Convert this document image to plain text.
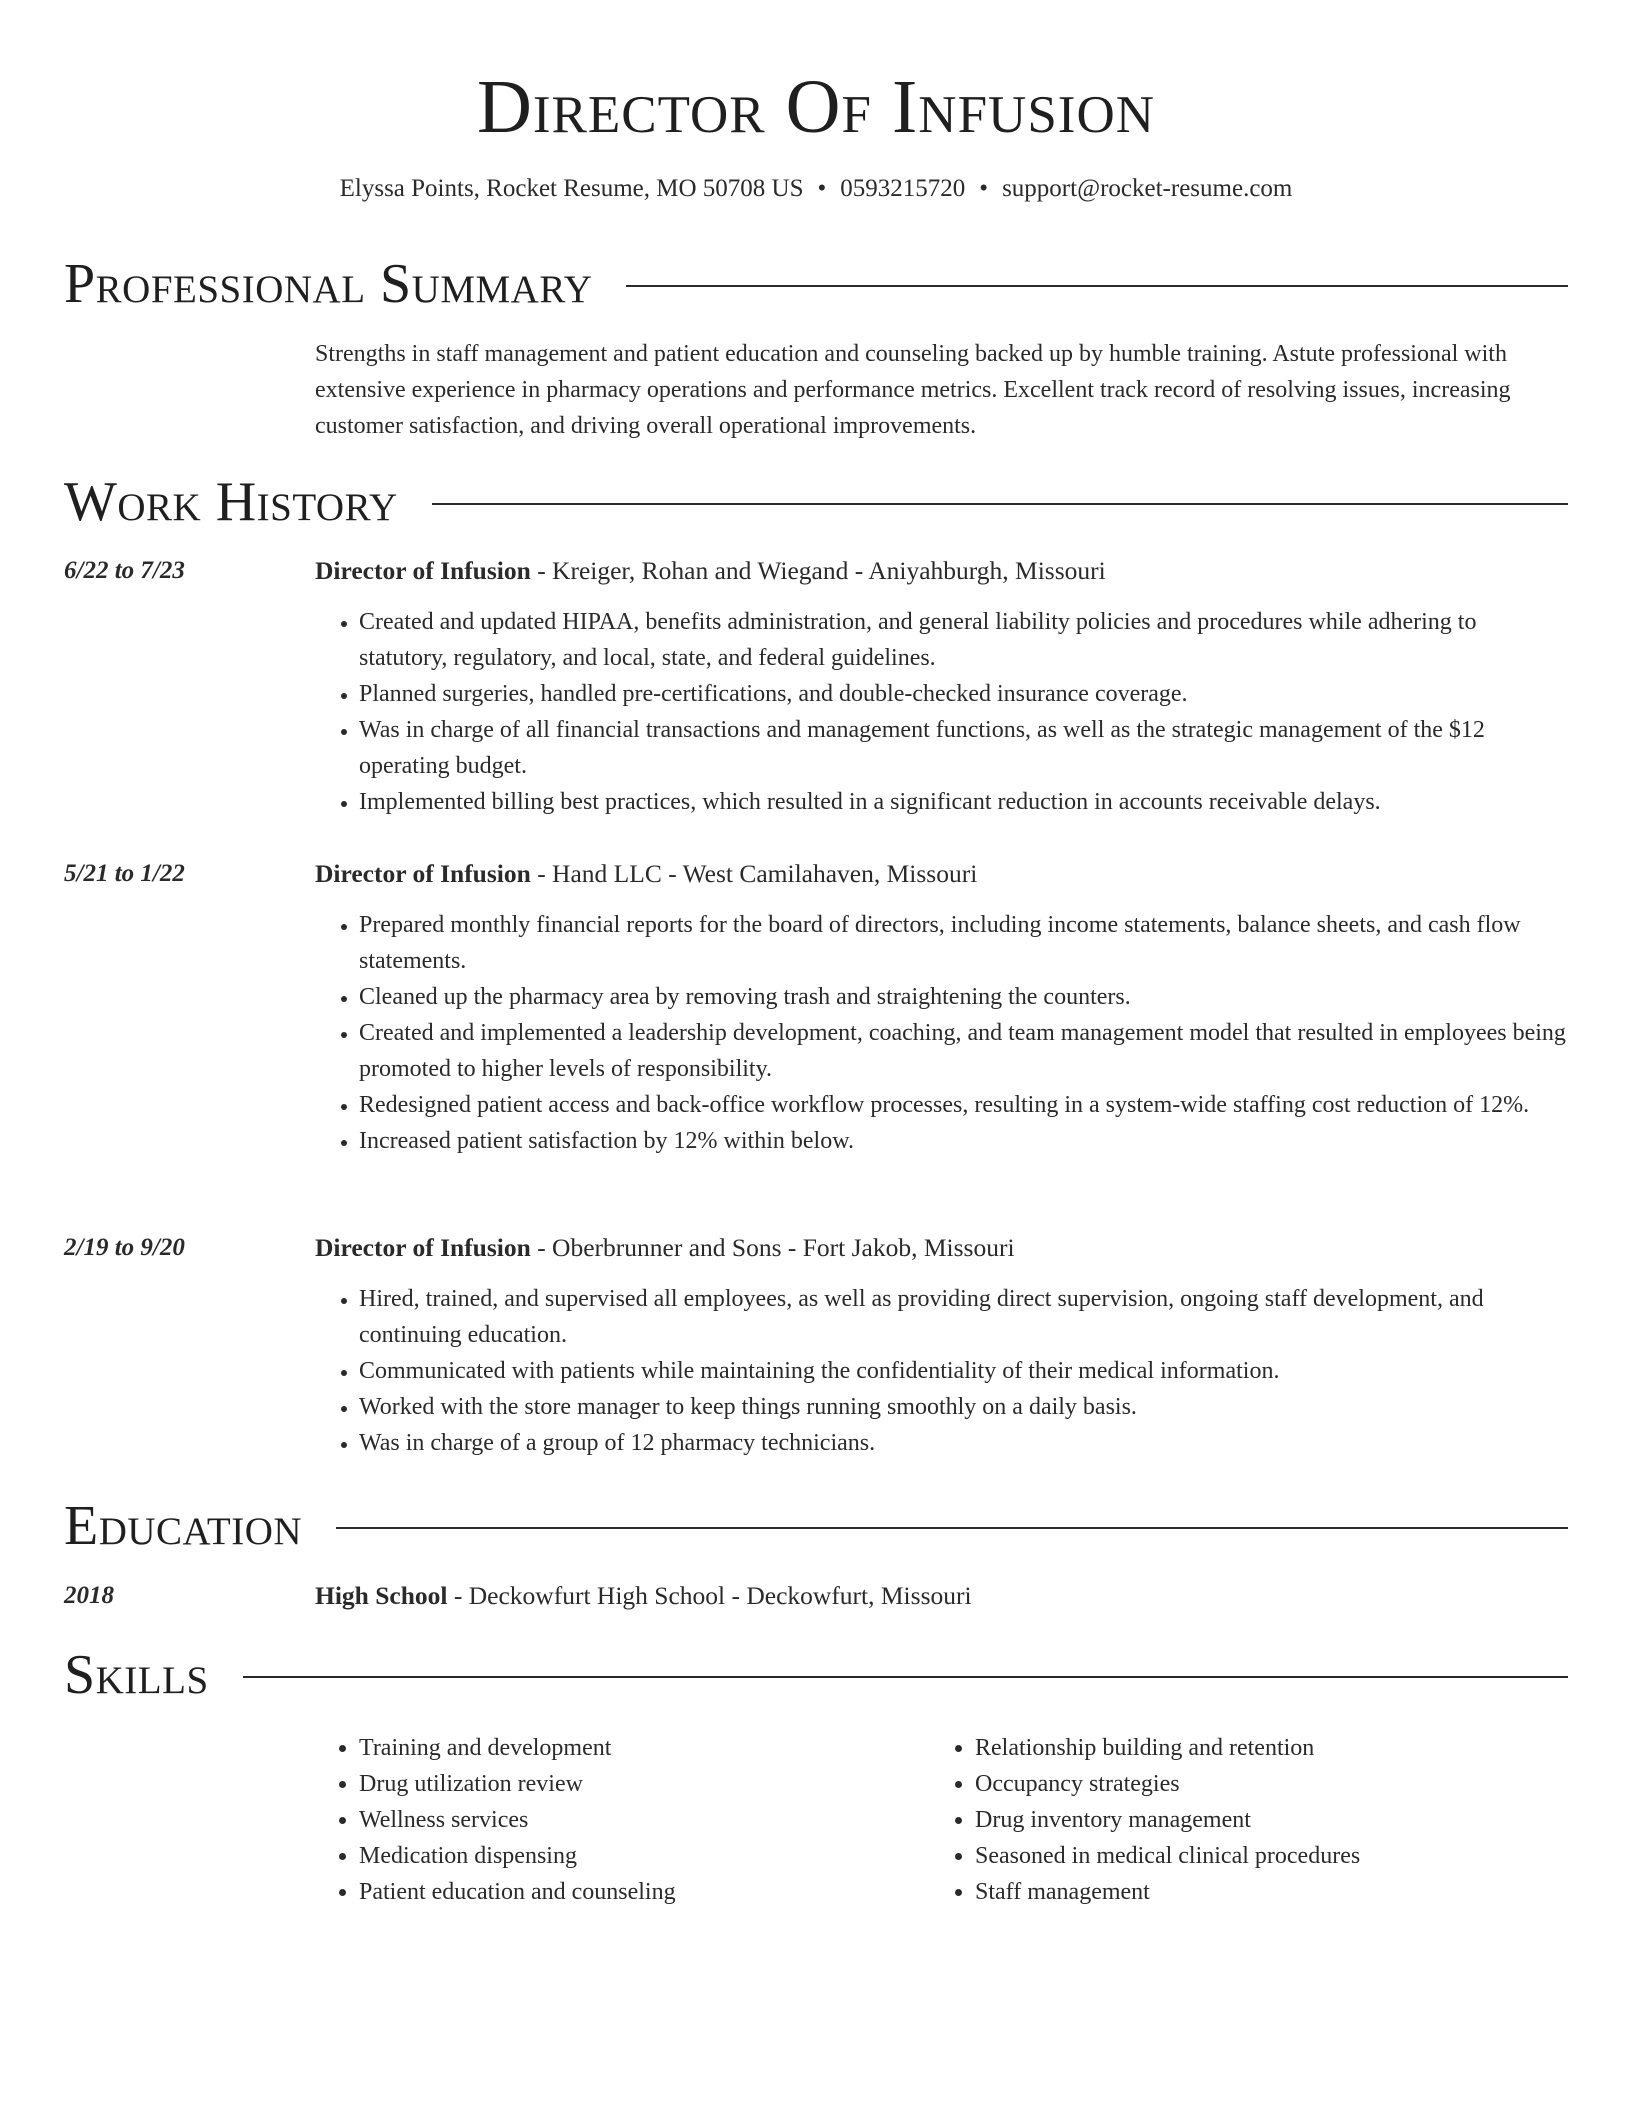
Director Of Infusion
Elyssa Points, Rocket Resume, MO 50708 US • 0593215720 • support@rocket-resume.com
Professional Summary
Strengths in staff management and patient education and counseling backed up by humble training. Astute professional with extensive experience in pharmacy operations and performance metrics. Excellent track record of resolving issues, increasing customer satisfaction, and driving overall operational improvements.
Work History
6/22 to 7/23	Director of Infusion - Kreiger, Rohan and Wiegand - Aniyahburgh, Missouri
• Created and updated HIPAA, benefits administration, and general liability policies and procedures while adhering to statutory, regulatory, and local, state, and federal guidelines.
• Planned surgeries, handled pre-certifications, and double-checked insurance coverage.
• Was in charge of all financial transactions and management functions, as well as the strategic management of the $12 operating budget.
• Implemented billing best practices, which resulted in a significant reduction in accounts receivable delays.
5/21 to 1/22	Director of Infusion - Hand LLC - West Camilahaven, Missouri
• Prepared monthly financial reports for the board of directors, including income statements, balance sheets, and cash flow statements.
• Cleaned up the pharmacy area by removing trash and straightening the counters.
• Created and implemented a leadership development, coaching, and team management model that resulted in employees being promoted to higher levels of responsibility.
• Redesigned patient access and back-office workflow processes, resulting in a system-wide staffing cost reduction of 12%.
• Increased patient satisfaction by 12% within below.
2/19 to 9/20	Director of Infusion - Oberbrunner and Sons - Fort Jakob, Missouri
• Hired, trained, and supervised all employees, as well as providing direct supervision, ongoing staff development, and continuing education.
• Communicated with patients while maintaining the confidentiality of their medical information.
• Worked with the store manager to keep things running smoothly on a daily basis.
• Was in charge of a group of 12 pharmacy technicians.
Education
2018	High School - Deckowfurt High School - Deckowfurt, Missouri
Skills
• Training and development
• Drug utilization review
• Wellness services
• Medication dispensing
• Patient education and counseling
• Relationship building and retention
• Occupancy strategies
• Drug inventory management
• Seasoned in medical clinical procedures
• Staff management
